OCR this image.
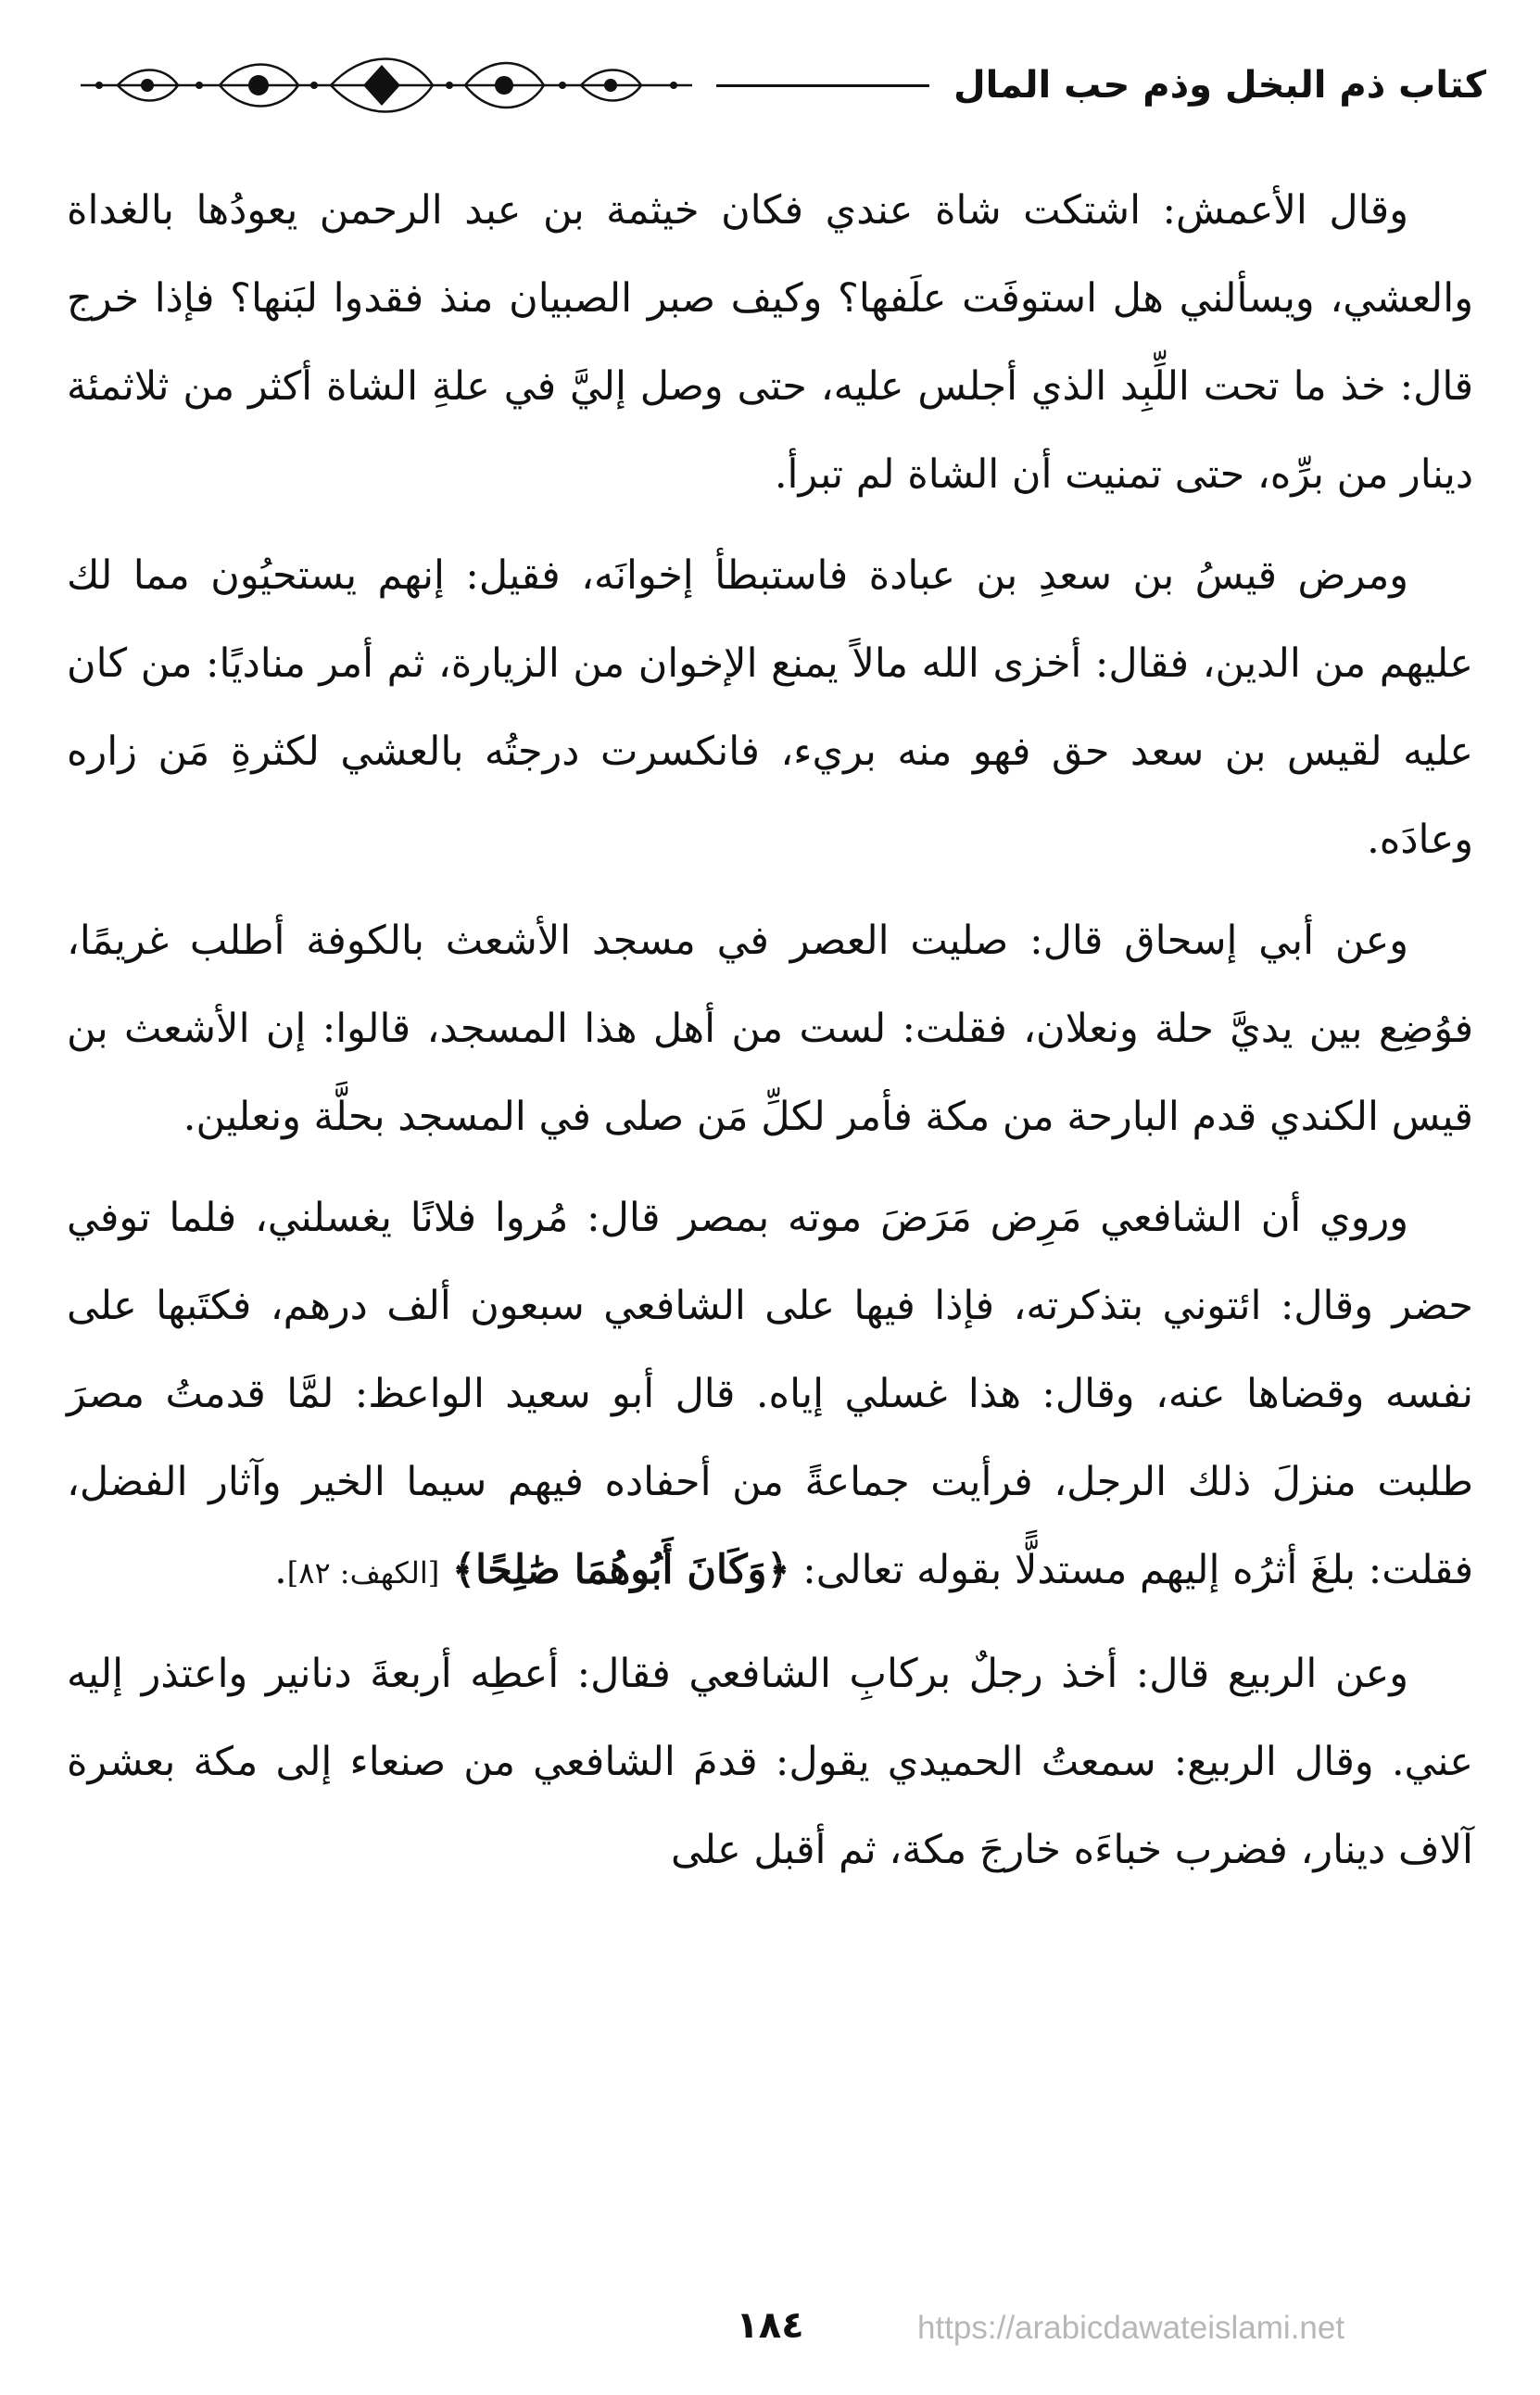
كتاب ذم البخل وذم حب المال

وقال الأعمش: اشتكت شاة عندي فكان خيثمة بن عبد الرحمن يعودُها بالغداة والعشي، ويسألني هل استوفَت علَفها؟ وكيف صبر الصبيان منذ فقدوا لبَنها؟ فإذا خرج قال: خذ ما تحت اللِّبِد الذي أجلس عليه، حتى وصل إليَّ في علةِ الشاة أكثر من ثلاثمئة دينار من برِّه، حتى تمنيت أن الشاة لم تبرأ.

ومرض قيسُ بن سعدِ بن عبادة فاستبطأ إخوانَه، فقيل: إنهم يستحيُون مما لك عليهم من الدين، فقال: أخزى الله مالاً يمنع الإخوان من الزيارة، ثم أمر مناديًا: من كان عليه لقيس بن سعد حق فهو منه بريء، فانكسرت درجتُه بالعشي لكثرةِ مَن زاره وعادَه.

وعن أبي إسحاق قال: صليت العصر في مسجد الأشعث بالكوفة أطلب غريمًا، فوُضِع بين يديَّ حلة ونعلان، فقلت: لست من أهل هذا المسجد، قالوا: إن الأشعث بن قيس الكندي قدم البارحة من مكة فأمر لكلِّ مَن صلى في المسجد بحلَّة ونعلين.

وروي أن الشافعي مَرِض مَرَضَ موته بمصر قال: مُروا فلانًا يغسلني، فلما توفي حضر وقال: ائتوني بتذكرته، فإذا فيها على الشافعي سبعون ألف درهم، فكتَبها على نفسه وقضاها عنه، وقال: هذا غسلي إياه. قال أبو سعيد الواعظ: لمَّا قدمتُ مصرَ طلبت منزلَ ذلك الرجل، فرأيت جماعةً من أحفاده فيهم سيما الخير وآثار الفضل، فقلت: بلغَ أثرُه إليهم مستدلًّا بقوله تعالى: ﴿وَكَانَ أَبُوهُمَا صَٰلِحًا﴾ [الكهف: ٨٢].

وعن الربيع قال: أخذ رجلٌ بركابِ الشافعي فقال: أعطِه أربعةَ دنانير واعتذر إليه عني. وقال الربيع: سمعتُ الحميدي يقول: قدمَ الشافعي من صنعاء إلى مكة بعشرة آلاف دينار، فضرب خباءَه خارجَ مكة، ثم أقبل على

١٨٤	https://arabicdawateislami.net
